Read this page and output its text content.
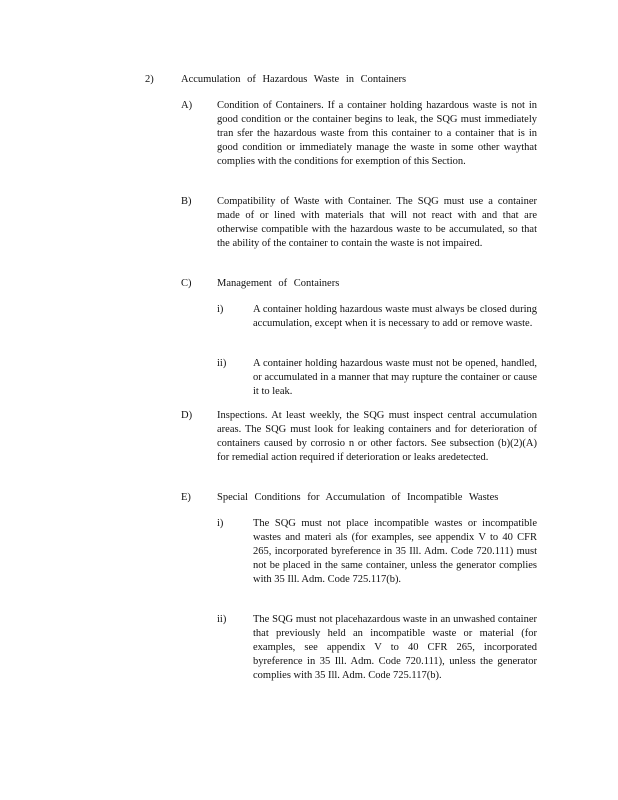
2)	Accumulation of Hazardous Waste in Containers
A) Condition of Containers. If a container holding hazardous waste is not in good condition or the container begins to leak, the SQG must immediately tran sfer the hazardous waste from this container to a container that is in good condition or immediately manage the waste in some other waythat complies with the conditions for exemption of this Section.
B) Compatibility of Waste with Container. The SQG must use a container made of or lined with materials that will not react with and that are otherwise compatible with the hazardous waste to be accumulated, so that the ability of the container to contain the waste is not impaired.
C) Management of Containers
i)	A container holding hazardous waste must always be closed during accumulation, except when it is necessary to add or remove waste.
ii)	A container holding hazardous waste must not be opened, handled, or accumulated in a manner that may rupture the container or cause it to leak.
D) Inspections. At least weekly, the SQG must inspect central accumulation areas. The SQG must look for leaking containers and for deterioration of containers caused by corrosio n or other factors. See subsection (b)(2)(A) for remedial action required if deterioration or leaks aredetected.
E) Special Conditions for Accumulation of Incompatible Wastes
i)	The SQG must not place incompatible wastes or incompatible wastes and materi als (for examples, see appendix V to 40 CFR 265, incorporated byreference in 35 Ill. Adm. Code 720.111) must not be placed in the same container, unless the generator complies with 35 Ill. Adm. Code 725.117(b).
ii)	The SQG must not placehazardous waste in an unwashed container that previously held an incompatible waste or material (for examples, see appendix V to 40 CFR 265, incorporated byreference in 35 Ill. Adm. Code 720.111), unless the generator complies with 35 Ill. Adm. Code 725.117(b).
